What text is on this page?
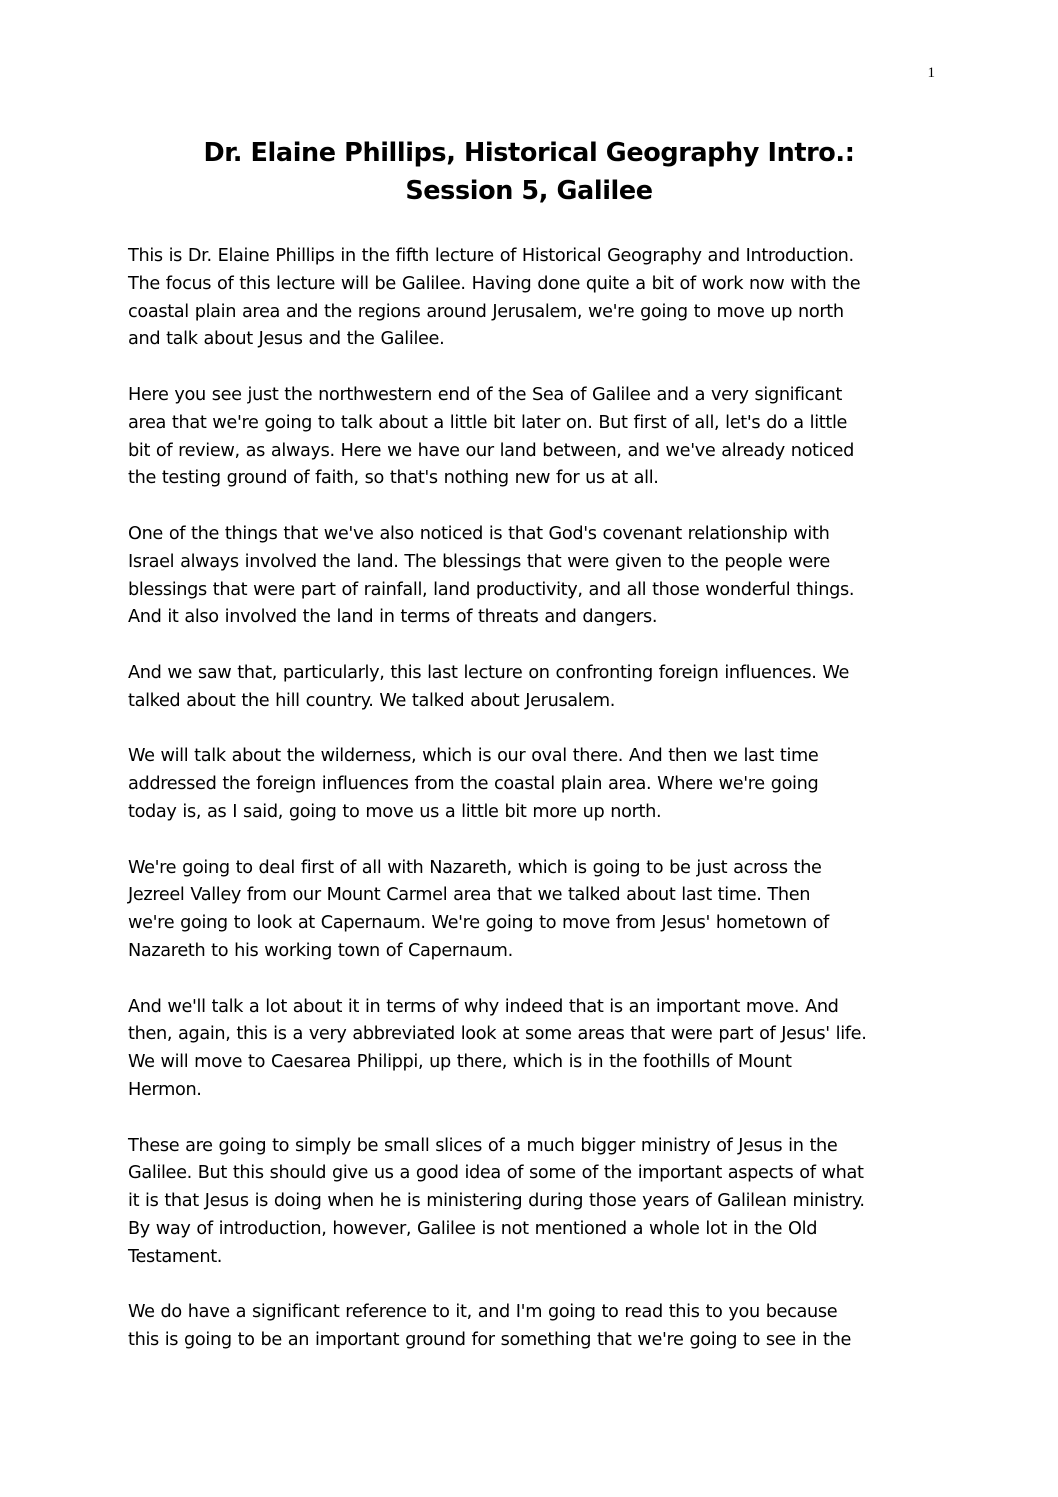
1
Dr. Elaine Phillips, Historical Geography Intro.:
Session 5, Galilee

This is Dr. Elaine Phillips in the fifth lecture of Historical Geography and Introduction.
The focus of this lecture will be Galilee. Having done quite a bit of work now with the
coastal plain area and the regions around Jerusalem, we're going to move up north
and talk about Jesus and the Galilee.

Here you see just the northwestern end of the Sea of Galilee and a very significant
area that we're going to talk about a little bit later on. But first of all, let's do a little
bit of review, as always. Here we have our land between, and we've already noticed
the testing ground of faith, so that's nothing new for us at all.

One of the things that we've also noticed is that God's covenant relationship with
Israel always involved the land. The blessings that were given to the people were
blessings that were part of rainfall, land productivity, and all those wonderful things.
And it also involved the land in terms of threats and dangers.

And we saw that, particularly, this last lecture on confronting foreign influences. We
talked about the hill country. We talked about Jerusalem.

We will talk about the wilderness, which is our oval there. And then we last time
addressed the foreign influences from the coastal plain area. Where we're going
today is, as I said, going to move us a little bit more up north.

We're going to deal first of all with Nazareth, which is going to be just across the
Jezreel Valley from our Mount Carmel area that we talked about last time. Then
we're going to look at Capernaum. We're going to move from Jesus' hometown of
Nazareth to his working town of Capernaum.

And we'll talk a lot about it in terms of why indeed that is an important move. And
then, again, this is a very abbreviated look at some areas that were part of Jesus' life.
We will move to Caesarea Philippi, up there, which is in the foothills of Mount
Hermon.

These are going to simply be small slices of a much bigger ministry of Jesus in the
Galilee. But this should give us a good idea of some of the important aspects of what
it is that Jesus is doing when he is ministering during those years of Galilean ministry.
By way of introduction, however, Galilee is not mentioned a whole lot in the Old
Testament.

We do have a significant reference to it, and I'm going to read this to you because
this is going to be an important ground for something that we're going to see in the
